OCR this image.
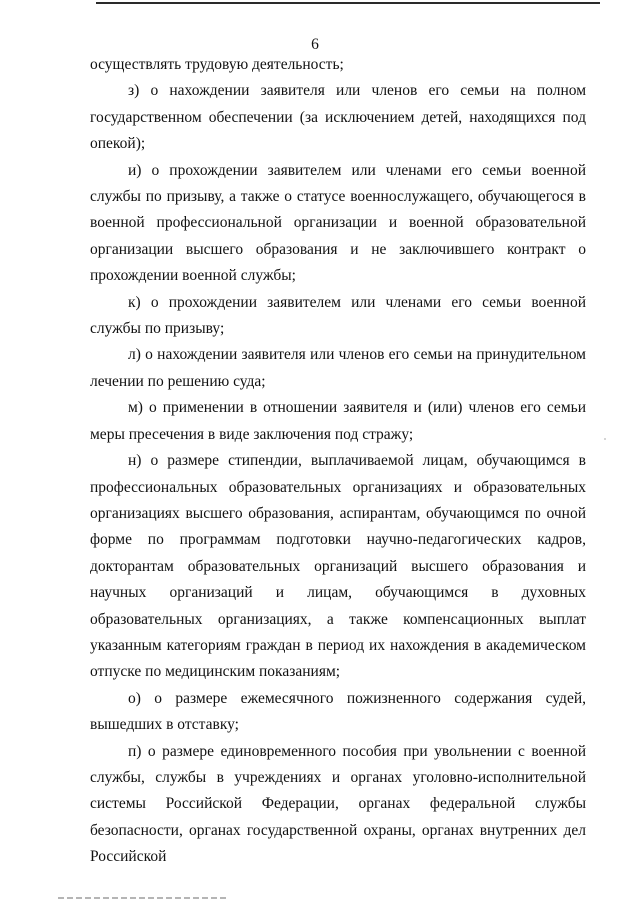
6

осуществлять трудовую деятельность;

з) о нахождении заявителя или членов его семьи на полном государственном обеспечении (за исключением детей, находящихся под опекой);

и) о прохождении заявителем или членами его семьи военной службы по призыву, а также о статусе военнослужащего, обучающегося в военной профессиональной организации и военной образовательной организации высшего образования и не заключившего контракт о прохождении военной службы;

к) о прохождении заявителем или членами его семьи военной службы по призыву;

л) о нахождении заявителя или членов его семьи на принудительном лечении по решению суда;

м) о применении в отношении заявителя и (или) членов его семьи меры пресечения в виде заключения под стражу;

н) о размере стипендии, выплачиваемой лицам, обучающимся в профессиональных образовательных организациях и образовательных организациях высшего образования, аспирантам, обучающимся по очной форме по программам подготовки научно-педагогических кадров, докторантам образовательных организаций высшего образования и научных организаций и лицам, обучающимся в духовных образовательных организациях, а также компенсационных выплат указанным категориям граждан в период их нахождения в академическом отпуске по медицинским показаниям;

о) о размере ежемесячного пожизненного содержания судей, вышедших в отставку;

п) о размере единовременного пособия при увольнении с военной службы, службы в учреждениях и органах уголовно-исполнительной системы Российской Федерации, органах федеральной службы безопасности, органах государственной охраны, органах внутренних дел Российской
